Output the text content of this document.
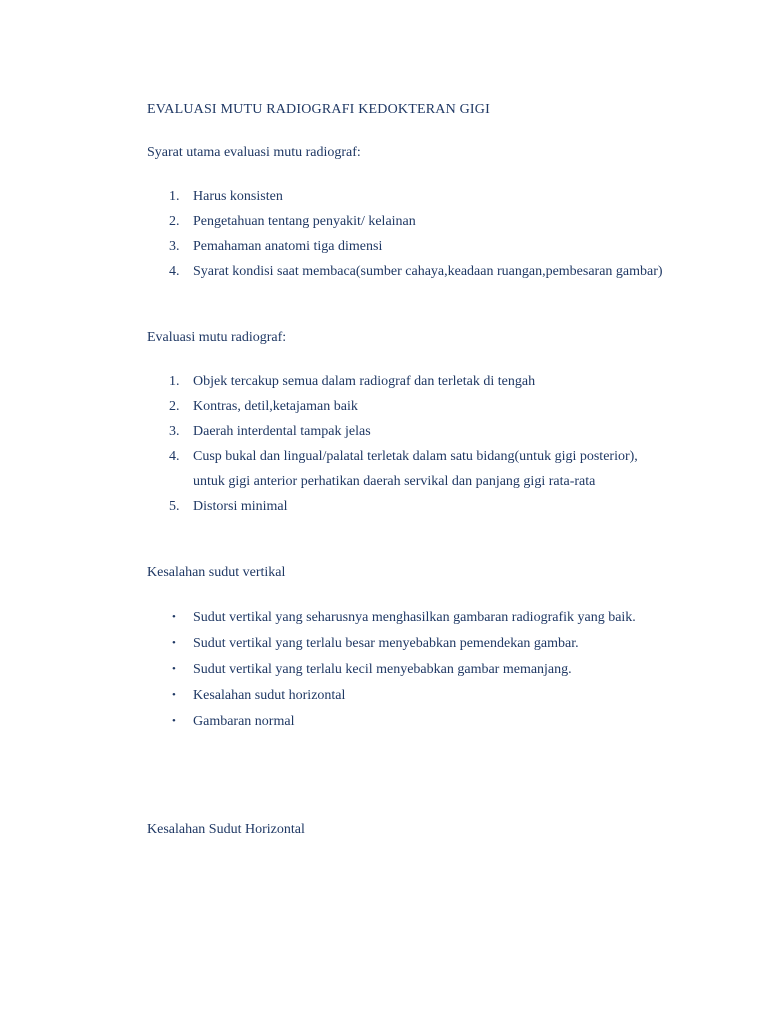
EVALUASI MUTU RADIOGRAFI KEDOKTERAN GIGI
Syarat utama evaluasi mutu radiograf:
1. Harus konsisten
2. Pengetahuan tentang penyakit/ kelainan
3. Pemahaman anatomi tiga dimensi
4. Syarat kondisi saat membaca(sumber cahaya,keadaan ruangan,pembesaran gambar)
Evaluasi mutu radiograf:
1. Objek tercakup semua dalam radiograf dan terletak di tengah
2. Kontras, detil,ketajaman baik
3. Daerah interdental tampak jelas
4. Cusp bukal dan lingual/palatal terletak dalam satu bidang(untuk gigi posterior), untuk gigi anterior perhatikan daerah servikal dan panjang gigi rata-rata
5. Distorsi minimal
Kesalahan sudut vertikal
• Sudut vertikal yang seharusnya menghasilkan gambaran radiografik yang baik.
• Sudut vertikal yang terlalu besar menyebabkan pemendekan gambar.
• Sudut vertikal yang terlalu kecil menyebabkan gambar memanjang.
• Kesalahan sudut horizontal
• Gambaran normal
Kesalahan Sudut Horizontal
